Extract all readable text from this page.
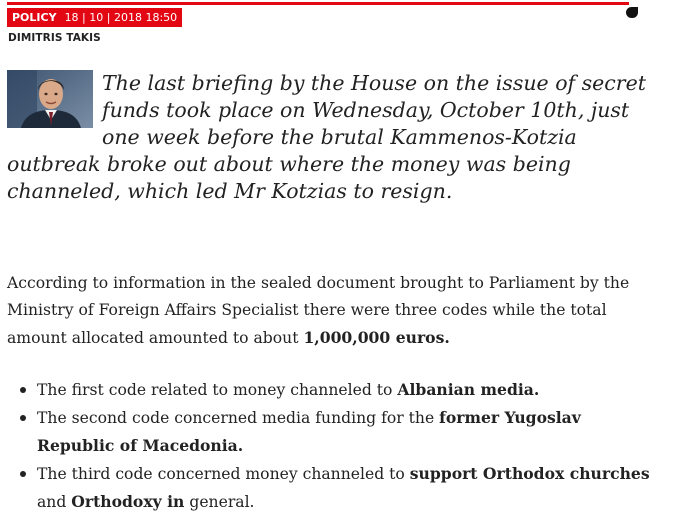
POLICY 18 | 10 | 2018 18:50
DIMITRIS TAKIS

The last briefing by the House on the issue of secret funds took place on Wednesday, October 10th, just one week before the brutal Kammenos-Kotzia outbreak broke out about where the money was being channeled, which led Mr Kotzias to resign.

According to information in the sealed document brought to Parliament by the Ministry of Foreign Affairs Specialist there were three codes while the total amount allocated amounted to about 1,000,000 euros.

The first code related to money channeled to Albanian media.
The second code concerned media funding for the former Yugoslav Republic of Macedonia.
The third code concerned money channeled to support Orthodox churches and Orthodoxy in general.
